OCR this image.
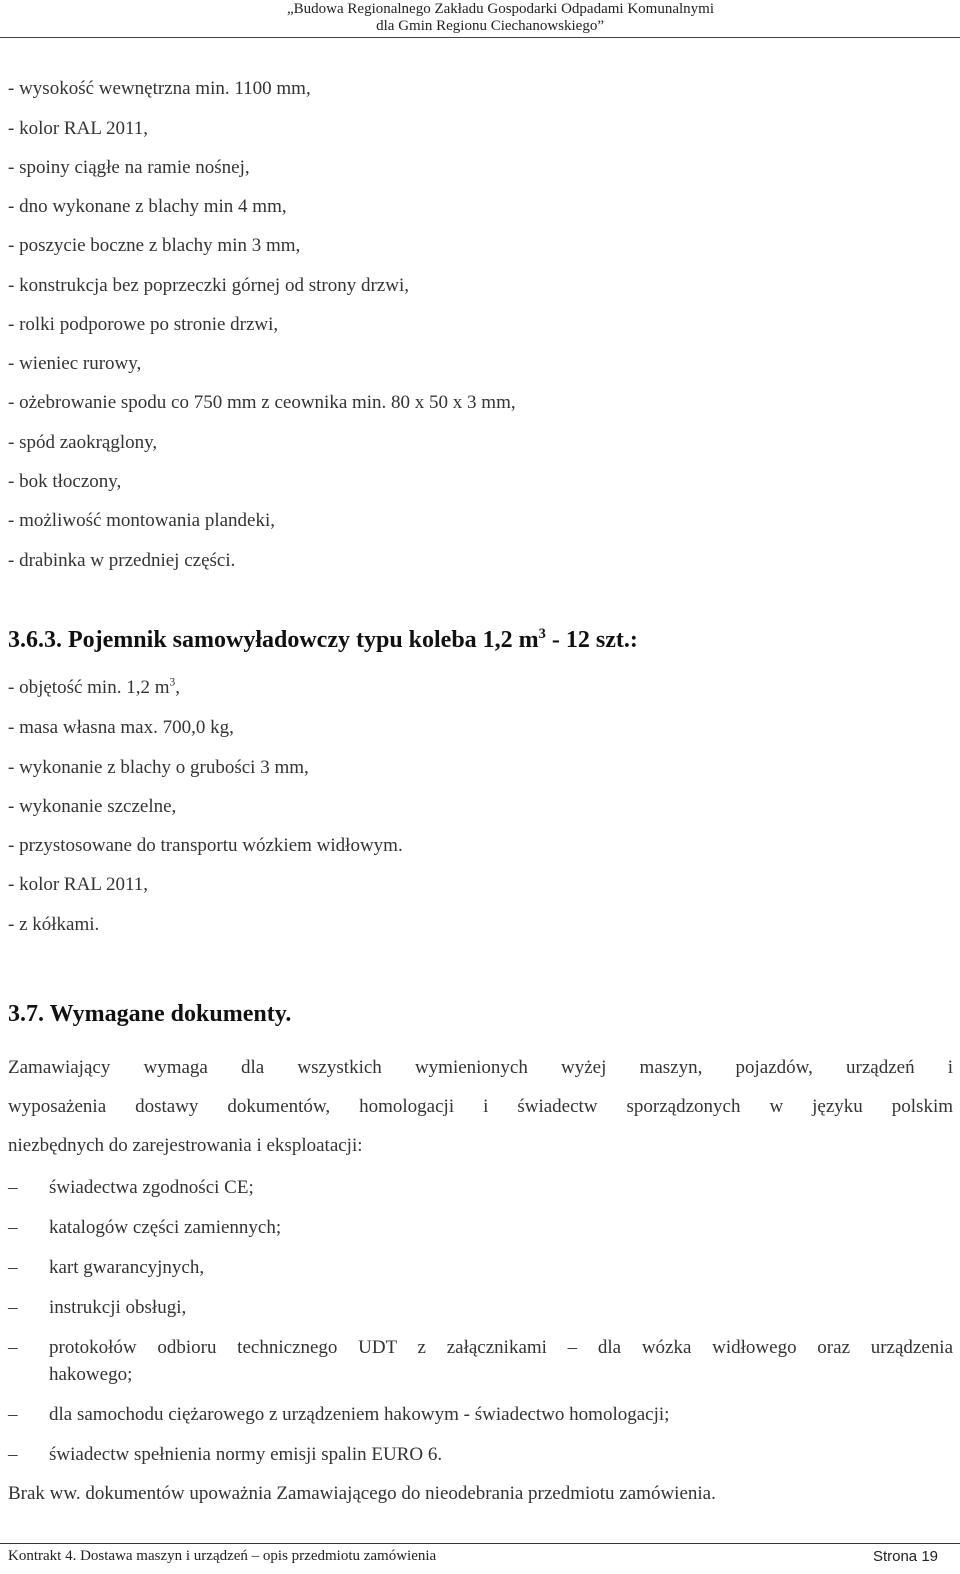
„Budowa Regionalnego Zakładu Gospodarki Odpadami Komunalnymi
dla Gmin Regionu Ciechanowskiego”
- wysokość wewnętrzna min. 1100 mm,
- kolor RAL 2011,
- spoiny ciągłe na ramie nośnej,
- dno wykonane z blachy min 4 mm,
- poszycie boczne z blachy min 3 mm,
- konstrukcja bez poprzeczki górnej od strony drzwi,
- rolki podporowe po stronie drzwi,
- wieniec rurowy,
- ożebrowanie spodu co 750 mm z ceownika min. 80 x 50 x 3 mm,
- spód zaokrąglony,
- bok tłoczony,
- możliwość montowania plandeki,
- drabinka w przedniej części.
3.6.3. Pojemnik samowyładowczy typu koleba 1,2 $m^3 - 12$ szt.:
- objętość min. 1,2 $m^3$,
- masa własna max. 700,0 kg,
- wykonanie z blachy o grubości 3 mm,
- wykonanie szczelne,
- przystosowane do transportu wózkiem widłowym.
- kolor RAL 2011,
- z kółkami.
3.7. Wymagane dokumenty.
Zamawiający wymaga dla wszystkich wymienionych wyżej maszyn, pojazdów, urządzeń i
wyposażenia dostawy dokumentów, homologacji i świadectw sporządzonych w języku polskim
niezbędnych do zarejestrowania i eksploatacji:
–	świadectwa zgodności CE;
–	katalogów części zamiennych;
–	kart gwarancyjnych,
–	instrukcji obsługi,
–	protokołów odbioru technicznego UDT z załącznikami – dla wózka widłowego oraz urządzenia
hakowego;
–	dla samochodu ciężarowego z urządzeniem hakowym - świadectwo homologacji;
–	świadectw spełnienia normy emisji spalin EURO 6.
Brak ww. dokumentów upoważnia Zamawiającego do nieodebrania przedmiotu zamówienia.
Kontrakt 4. Dostawa maszyn i urządzeń – opis przedmiotu zamówienia	Strona 19
